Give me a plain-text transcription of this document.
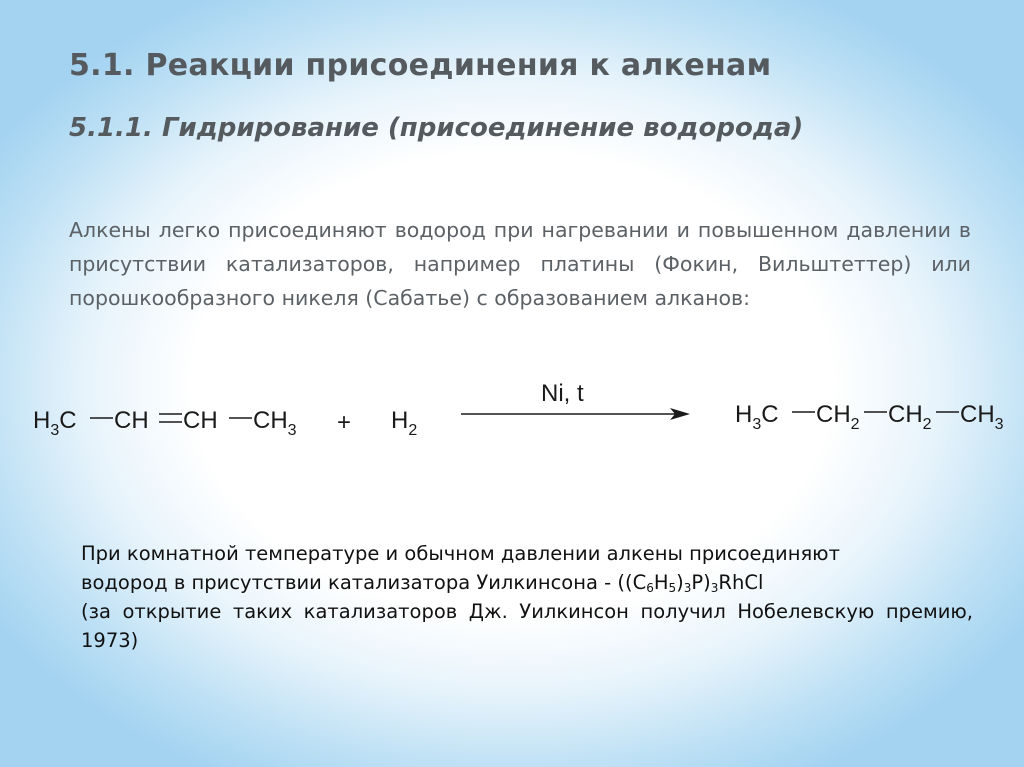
5.1. Реакции присоединения к алкенам
5.1.1. Гидрирование (присоединение водорода)
Алкены легко присоединяют водород при нагревании и повышенном давлении в присутствии катализаторов, например платины (Фокин, Вильштеттер) или порошкообразного никеля (Сабатье) с образованием алканов:
$H_3C$ CH CH $CH_3 + H_2$
Ni, t
$H_3C$ $CH_2$ $CH_2$ $CH_3$
При комнатной температуре и обычном давлении алкены присоединяют
водород в присутствии катализатора Уилкинсона - $((C_6H_5)_3P)_3RhCl$
(за открытие таких катализаторов Дж. Уилкинсон получил Нобелевскую премию, 1973)
